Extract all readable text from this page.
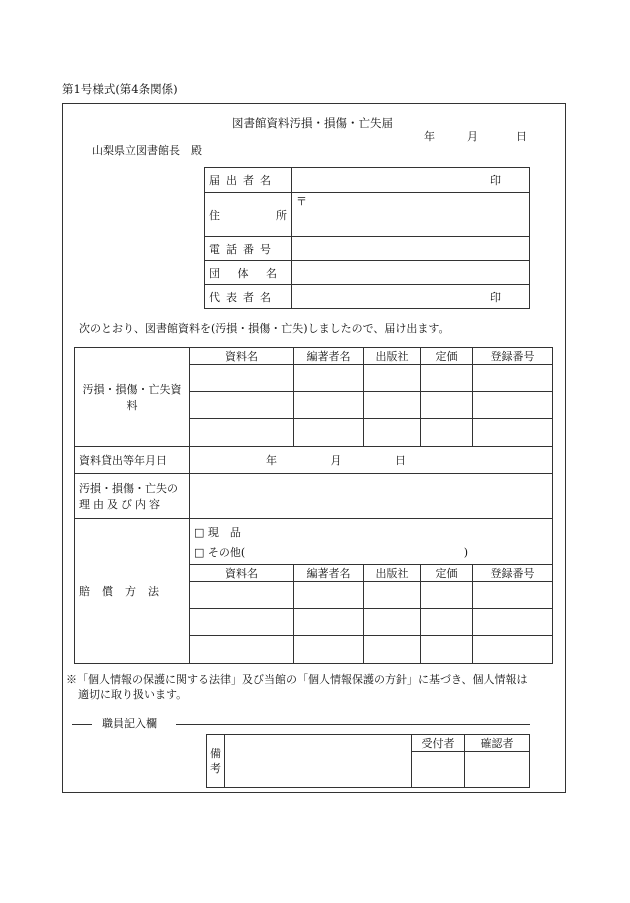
第1号様式(第4条関係)
図書館資料汚損・損傷・亡失届
年	月	日
山梨県立図書館長　殿
届出者名	印
住 所	〒
電話番号	
団 体 名	
代表者名	印
次のとおり、図書館資料を(汚損・損傷・亡失)しましたので、届け出ます。
汚損・損傷・亡失資料	資料名	編著者名	出版社	定価	登録番号

資料貸出等年月日	年 月 日				

汚損・損傷・亡失の
理由及び内容					

賠償方法	□ 現　品
□ その他( )				

	資料名	編著者名	出版社	定価	登録番号

※「個人情報の保護に関する法律」及び当館の「個人情報保護の方針」に基づき、個人情報は
適切に取り扱います。
職員記入欄
備考		受付者	確認者
